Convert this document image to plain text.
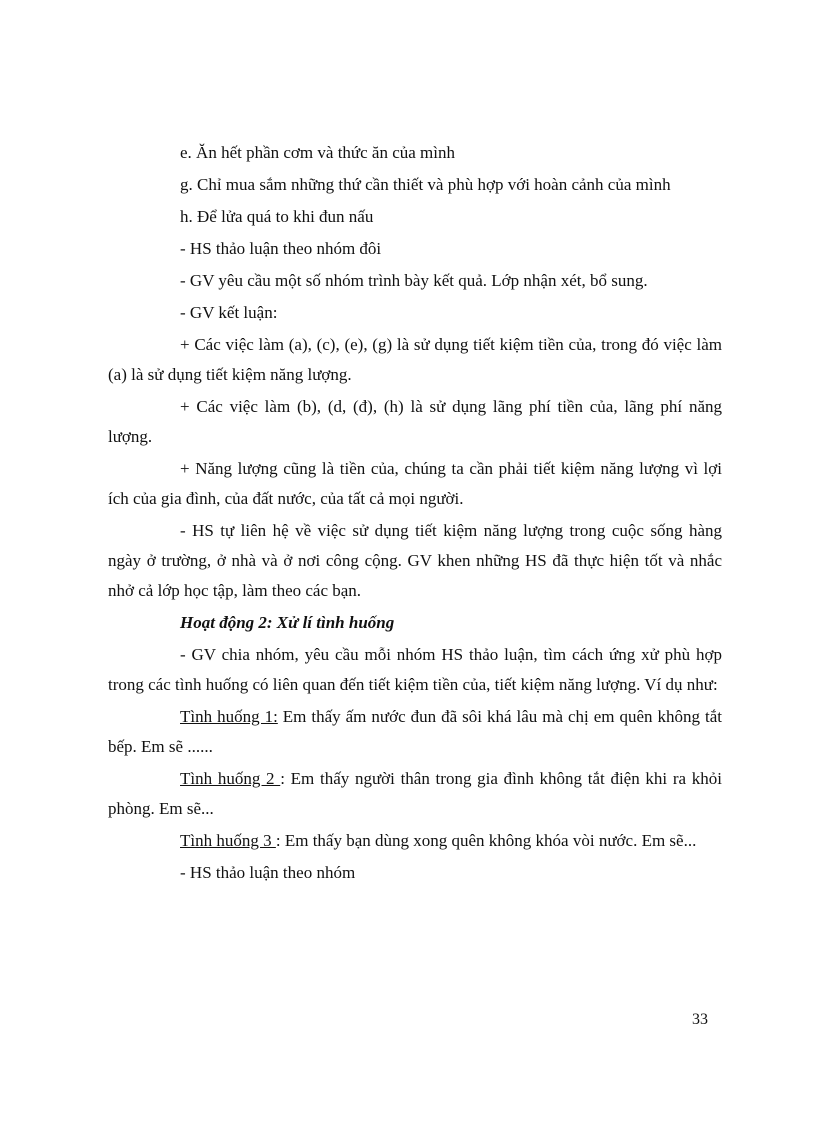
e. Ăn hết phần cơm và thức ăn của mình
g. Chỉ mua sắm những thứ cần thiết và phù hợp với hoàn cảnh của mình
h. Để lửa quá to khi đun nấu
- HS thảo luận theo nhóm đôi
- GV yêu cầu một số nhóm trình bày kết quả. Lớp nhận xét, bổ sung.
- GV kết luận:

+ Các việc làm (a), (c), (e), (g) là sử dụng tiết kiệm tiền của, trong đó việc làm (a) là sử dụng tiết kiệm năng lượng.

+ Các việc làm (b), (d, (đ), (h) là sử dụng lãng phí tiền của, lãng phí năng lượng.

+ Năng lượng cũng là tiền của, chúng ta cần phải tiết kiệm năng lượng vì lợi ích của gia đình, của đất nước, của tất cả mọi người.

- HS tự liên hệ về việc sử dụng tiết kiệm năng lượng trong cuộc sống hàng ngày ở trường, ở nhà và ở nơi công cộng. GV khen những HS đã thực hiện tốt và nhắc nhở cả lớp học tập, làm theo các bạn.

Hoạt động 2: Xử lí tình huống

- GV chia nhóm, yêu cầu mỗi nhóm HS thảo luận, tìm cách ứng xử phù hợp trong các tình huống có liên quan đến tiết kiệm tiền của, tiết kiệm năng lượng. Ví dụ như:

Tình huống 1: Em thấy ấm nước đun đã sôi khá lâu mà chị em quên không tắt bếp. Em sẽ ......

Tình huống 2 : Em thấy người thân trong gia đình không tắt điện khi ra khỏi phòng. Em sẽ...

Tình huống 3 : Em thấy bạn dùng xong quên không khóa vòi nước. Em sẽ...

- HS thảo luận theo nhóm
33
